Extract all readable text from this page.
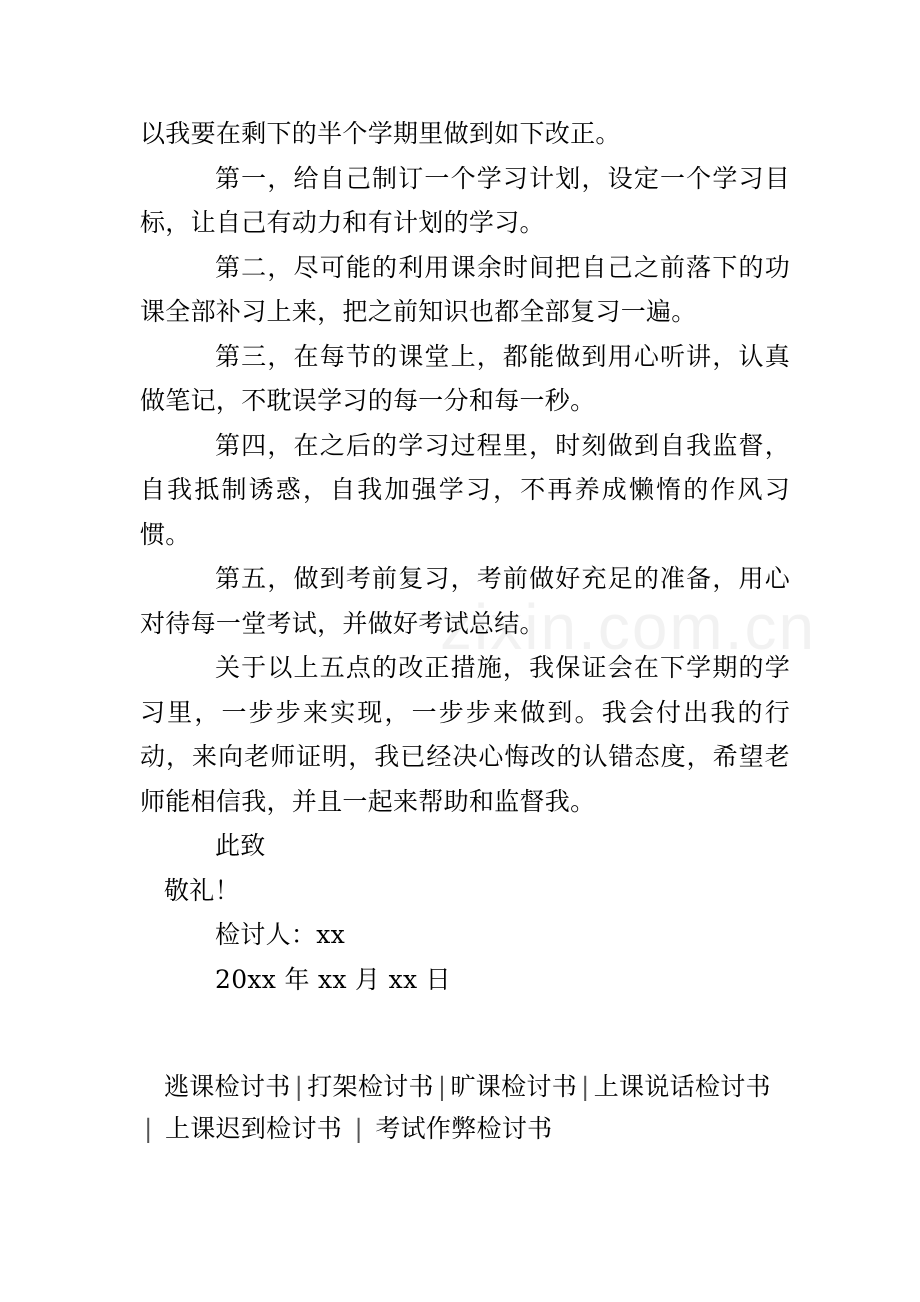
zixin.com.cn

以我要在剩下的半个学期里做到如下改正。

第一，给自己制订一个学习计划，设定一个学习目标，让自己有动力和有计划的学习。

第二，尽可能的利用课余时间把自己之前落下的功课全部补习上来，把之前知识也都全部复习一遍。

第三，在每节的课堂上，都能做到用心听讲，认真做笔记，不耽误学习的每一分和每一秒。

第四，在之后的学习过程里，时刻做到自我监督，自我抵制诱惑，自我加强学习，不再养成懒惰的作风习惯。

第五，做到考前复习，考前做好充足的准备，用心对待每一堂考试，并做好考试总结。

关于以上五点的改正措施，我保证会在下学期的学习里，一步步来实现，一步步来做到。我会付出我的行动，来向老师证明，我已经决心悔改的认错态度，希望老师能相信我，并且一起来帮助和监督我。

此致

敬礼！

检讨人：xx

20xx 年 xx 月 xx 日

逃课检讨书 | 打架检讨书 | 旷课检讨书 | 上课说话检讨书
| 上课迟到检讨书 | 考试作弊检讨书
